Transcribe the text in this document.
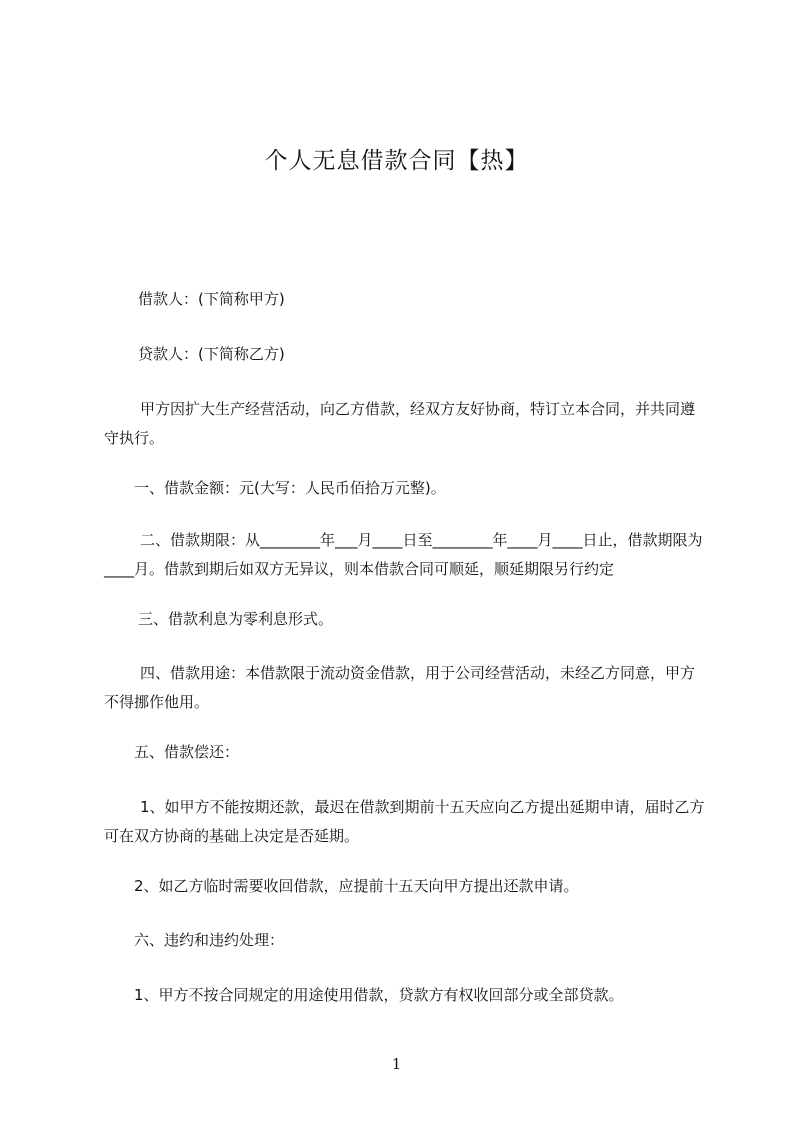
个人无息借款合同【热】

借款人：(下简称甲方)

贷款人：(下简称乙方)

甲方因扩大生产经营活动，向乙方借款，经双方友好协商，特订立本合同，并共同遵守执行。

一、借款金额：元(大写：人民币佰拾万元整)。

二、借款期限：从________年___月____日至________年____月____日止，借款期限为____月。借款到期后如双方无异议，则本借款合同可顺延，顺延期限另行约定

三、借款利息为零利息形式。

四、借款用途：本借款限于流动资金借款，用于公司经营活动，未经乙方同意，甲方不得挪作他用。

五、借款偿还：

1、如甲方不能按期还款，最迟在借款到期前十五天应向乙方提出延期申请，届时乙方可在双方协商的基础上决定是否延期。

2、如乙方临时需要收回借款，应提前十五天向甲方提出还款申请。

六、违约和违约处理：

1、甲方不按合同规定的用途使用借款，贷款方有权收回部分或全部贷款。

1
